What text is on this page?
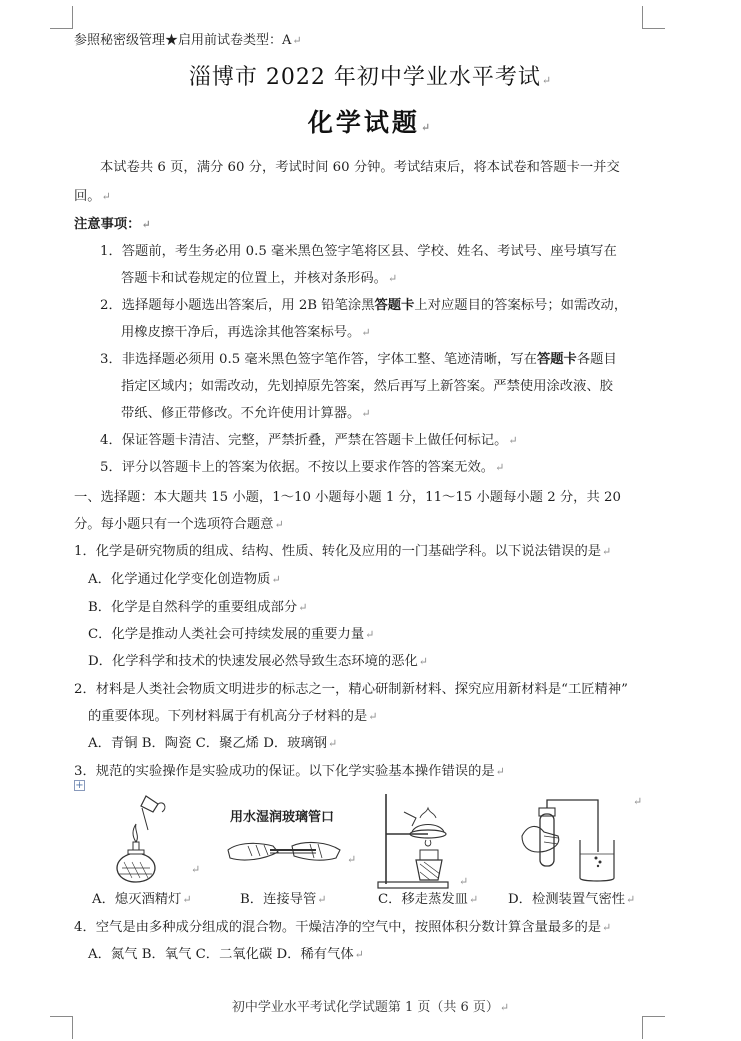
参照秘密级管理★启用前试卷类型：A↵
淄博市 2022 年初中学业水平考试↵
化学试题↵
本试卷共 6 页，满分 60 分，考试时间 60 分钟。考试结束后，将本试卷和答题卡一并交
回。↵
注意事项：↵
1．答题前，考生务必用 0.5 毫米黑色签字笔将区县、学校、姓名、考试号、座号填写在
答题卡和试卷规定的位置上，并核对条形码。↵
2．选择题每小题选出答案后，用 2B 铅笔涂黑答题卡上对应题目的答案标号；如需改动，
用橡皮擦干净后，再选涂其他答案标号。↵
3．非选择题必须用 0.5 毫米黑色签字笔作答，字体工整、笔迹清晰，写在答题卡各题目
指定区域内；如需改动，先划掉原先答案，然后再写上新答案。严禁使用涂改液、胶
带纸、修正带修改。不允许使用计算器。↵
4．保证答题卡清洁、完整，严禁折叠，严禁在答题卡上做任何标记。↵
5．评分以答题卡上的答案为依据。不按以上要求作答的答案无效。↵
一、选择题：本大题共 15 小题，1～10 小题每小题 1 分，11～15 小题每小题 2 分，共 20
分。每小题只有一个选项符合题意↵
1．化学是研究物质的组成、结构、性质、转化及应用的一门基础学科。以下说法错误的是↵
A．化学通过化学变化创造物质↵
B．化学是自然科学的重要组成部分↵
C．化学是推动人类社会可持续发展的重要力量↵
D．化学科学和技术的快速发展必然导致生态环境的恶化↵
2．材料是人类社会物质文明进步的标志之一，精心研制新材料、探究应用新材料是“工匠精神”
的重要体现。下列材料属于有机高分子材料的是↵
A．青铜 B．陶瓷 C．聚乙烯 D．玻璃钢↵
3．规范的实验操作是实验成功的保证。以下化学实验基本操作错误的是↵
+
↵
用水湿润玻璃管口
↵
↵
↵
A．熄灭酒精灯↵	B．连接导管↵	C．移走蒸发皿↵ D．检测装置气密性↵
4．空气是由多种成分组成的混合物。干燥洁净的空气中，按照体积分数计算含量最多的是↵
A．氮气 B．氧气 C．二氧化碳 D．稀有气体↵
初中学业水平考试化学试题第 1 页（共 6 页）↵
